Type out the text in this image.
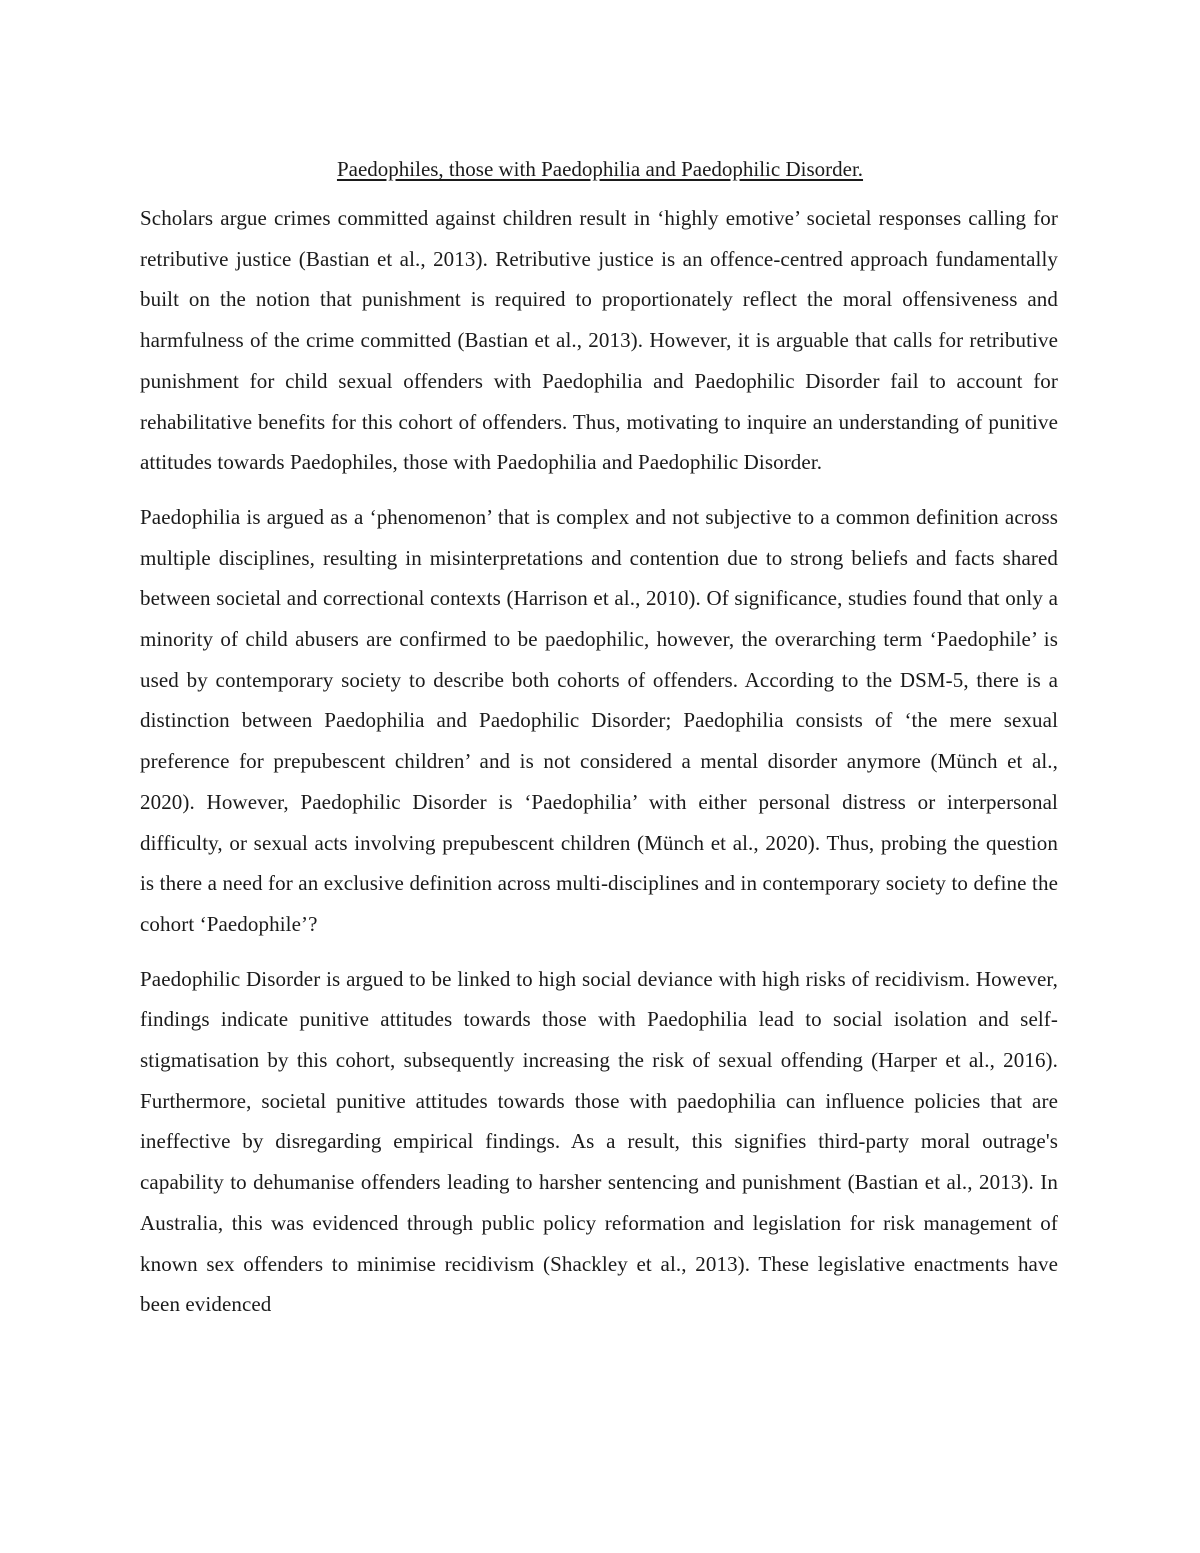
Paedophiles, those with Paedophilia and Paedophilic Disorder.

Scholars argue crimes committed against children result in ‘highly emotive’ societal responses calling for retributive justice (Bastian et al., 2013). Retributive justice is an offence-centred approach fundamentally built on the notion that punishment is required to proportionately reflect the moral offensiveness and harmfulness of the crime committed (Bastian et al., 2013). However, it is arguable that calls for retributive punishment for child sexual offenders with Paedophilia and Paedophilic Disorder fail to account for rehabilitative benefits for this cohort of offenders. Thus, motivating to inquire an understanding of punitive attitudes towards Paedophiles, those with Paedophilia and Paedophilic Disorder.

Paedophilia is argued as a ‘phenomenon’ that is complex and not subjective to a common definition across multiple disciplines, resulting in misinterpretations and contention due to strong beliefs and facts shared between societal and correctional contexts (Harrison et al., 2010). Of significance, studies found that only a minority of child abusers are confirmed to be paedophilic, however, the overarching term ‘Paedophile’ is used by contemporary society to describe both cohorts of offenders. According to the DSM-5, there is a distinction between Paedophilia and Paedophilic Disorder; Paedophilia consists of ‘the mere sexual preference for prepubescent children’ and is not considered a mental disorder anymore (Münch et al., 2020). However, Paedophilic Disorder is ‘Paedophilia’ with either personal distress or interpersonal difficulty, or sexual acts involving prepubescent children (Münch et al., 2020). Thus, probing the question is there a need for an exclusive definition across multi-disciplines and in contemporary society to define the cohort ‘Paedophile’?

Paedophilic Disorder is argued to be linked to high social deviance with high risks of recidivism. However, findings indicate punitive attitudes towards those with Paedophilia lead to social isolation and self-stigmatisation by this cohort, subsequently increasing the risk of sexual offending (Harper et al., 2016). Furthermore, societal punitive attitudes towards those with paedophilia can influence policies that are ineffective by disregarding empirical findings. As a result, this signifies third-party moral outrage's capability to dehumanise offenders leading to harsher sentencing and punishment (Bastian et al., 2013). In Australia, this was evidenced through public policy reformation and legislation for risk management of known sex offenders to minimise recidivism (Shackley et al., 2013). These legislative enactments have been evidenced
